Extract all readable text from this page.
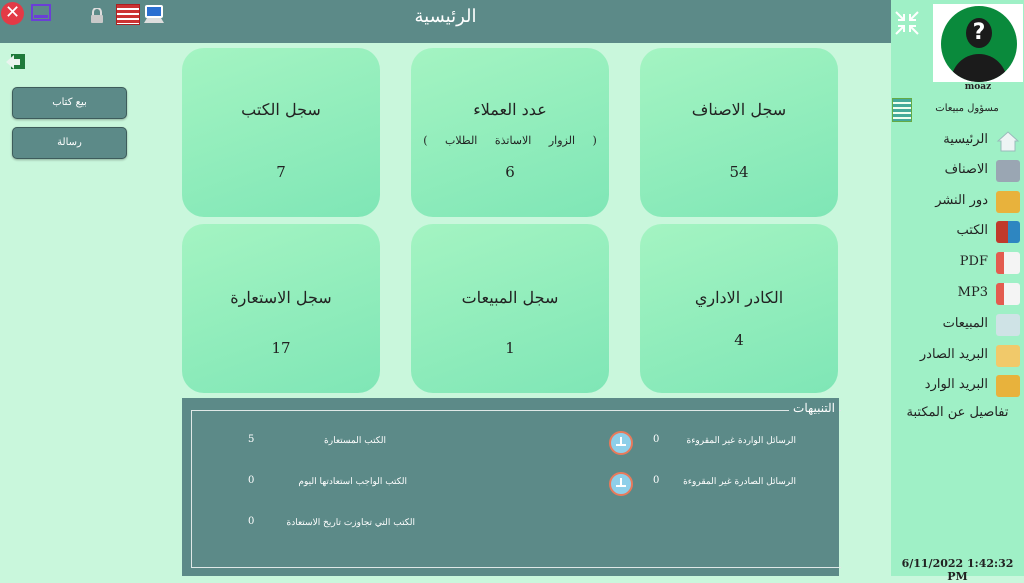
الرئيسية
✕
بيع كتاب
رسالة
سجل الكتب
7
عدد العملاء
( الزوار الاساتذة الطلاب )
6
سجل الاصناف
54
سجل الاستعارة
17
سجل المبيعات
1
الكادر الاداري
4
التنبيهات
الكتب المستعارة
5
الكتب الواجب استعادتها اليوم
0
الكتب التي تجاوزت تاريخ الاستعادة
0
الرسائل الواردة غير المقروءة
0
الرسائل الصادرة غير المقروءة
0
?
moaz
مسؤول مبيعات
الرئيسية
الاصناف
دور النشر
الكتب
PDF
MP3
المبيعات
البريد الصادر
البريد الوارد
تفاصيل عن المكتبة
6/11/2022 1:42:32 PM
